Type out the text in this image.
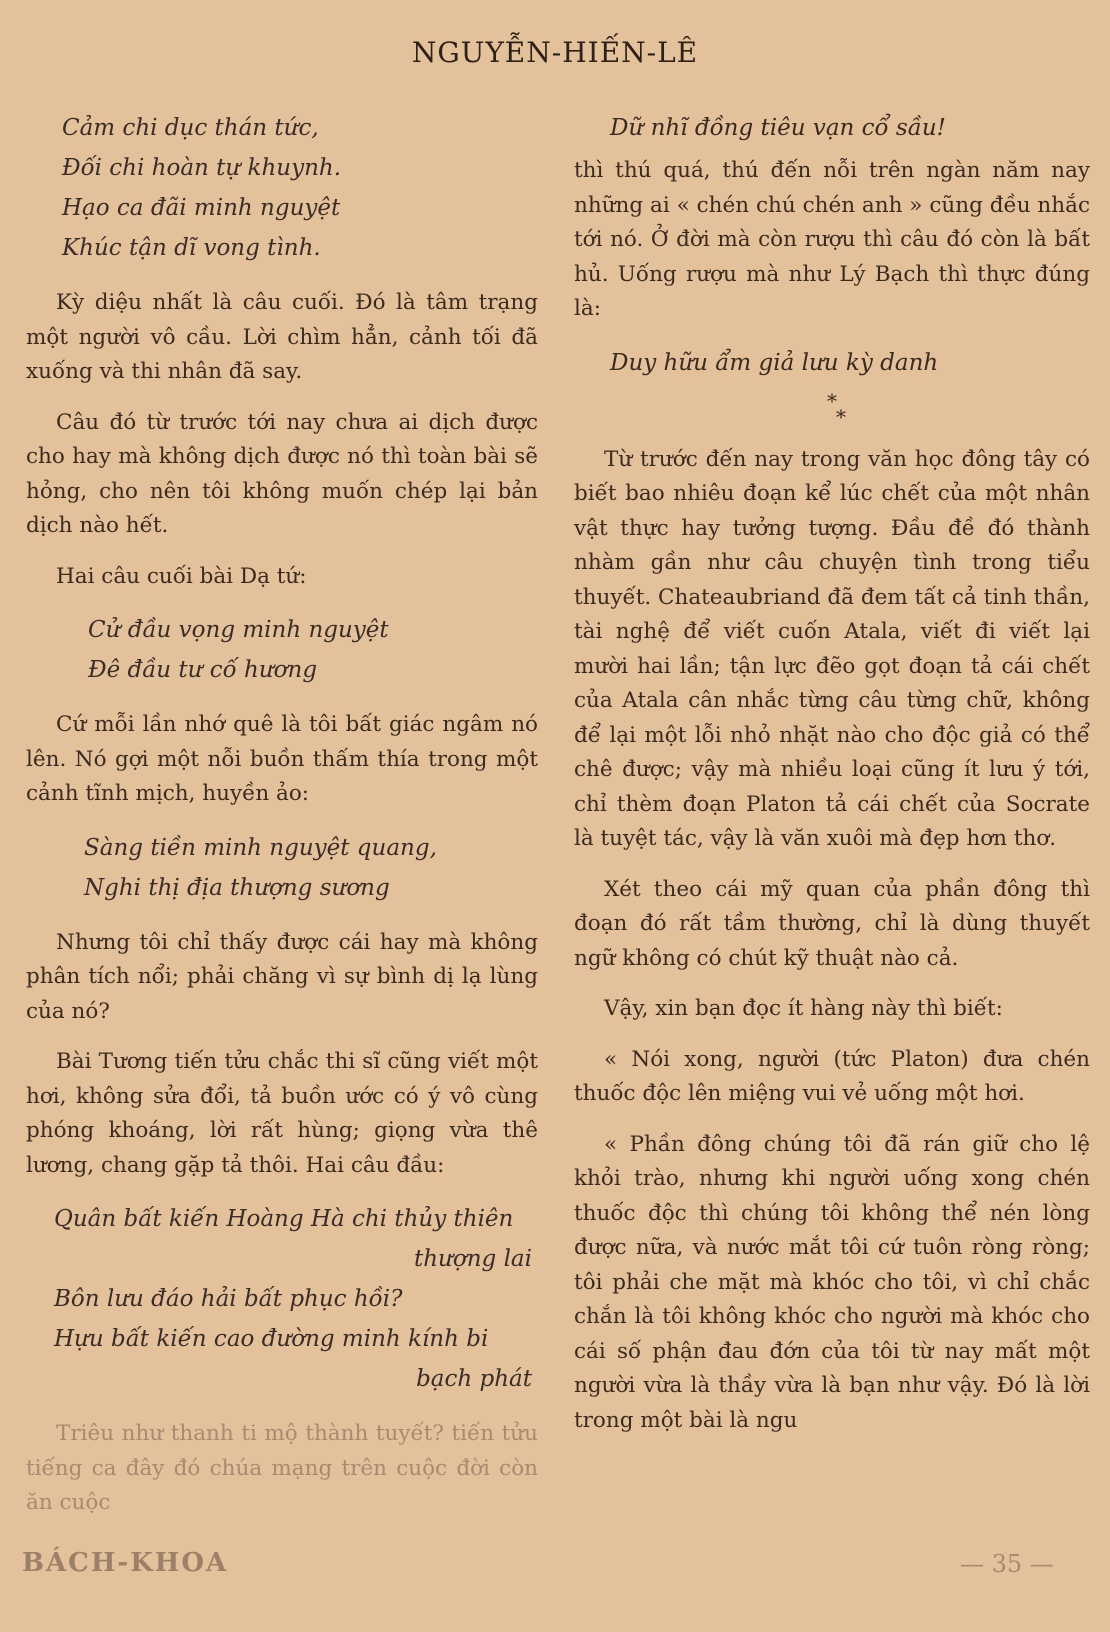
NGUYỄN-HIẾN-LÊ
Cảm chi dục thán tức,
Đối chi hoàn tự khuynh.
Hạo ca đãi minh nguyệt
Khúc tận dĩ vong tình.

Kỳ diệu nhất là câu cuối. Đó là tâm trạng một người vô cầu. Lời chìm hẳn, cảnh tối đã xuống và thi nhân đã say.

Câu đó từ trước tới nay chưa ai dịch được cho hay mà không dịch được nó thì toàn bài sẽ hỏng, cho nên tôi không muốn chép lại bản dịch nào hết.

Hai câu cuối bài Dạ tứ:

Cử đầu vọng minh nguyệt
Đê đầu tư cố hương

Cứ mỗi lần nhớ quê là tôi bất giác ngâm nó lên. Nó gợi một nỗi buồn thấm thía trong một cảnh tĩnh mịch, huyền ảo:

Sàng tiền minh nguyệt quang,
Nghi thị địa thượng sương

Nhưng tôi chỉ thấy được cái hay mà không phân tích nổi; phải chăng vì sự bình dị lạ lùng của nó?

Bài Tương tiến tửu chắc thi sĩ cũng viết một hơi, không sửa đổi, tả buồn ước có ý vô cùng phóng khoáng, lời rất hùng; giọng vừa thê lương, chang gặp tả thôi. Hai câu đầu:

Quân bất kiến Hoàng Hà chi thủy thiên
thượng lai
Bôn lưu đáo hải bất phục hồi?
Hựu bất kiến cao đường minh kính bi
bạch phát

Triêu như thanh ti mộ thành tuyết? tiến tửu tiếng ca đây đó chúa mạng trên cuộc đời còn ăn cuộc

Dữ nhĩ đồng tiêu vạn cổ sầu!

thì thú quá, thú đến nỗi trên ngàn năm nay những ai « chén chú chén anh » cũng đều nhắc tới nó. Ở đời mà còn rượu thì câu đó còn là bất hủ. Uống rượu mà như Lý Bạch thì thực đúng là:

Duy hữu ẩm giả lưu kỳ danh
*
*

Từ trước đến nay trong văn học đông tây có biết bao nhiêu đoạn kể lúc chết của một nhân vật thực hay tưởng tượng. Đầu đề đó thành nhàm gần như câu chuyện tình trong tiểu thuyết. Chateaubriand đã đem tất cả tinh thần, tài nghệ để viết cuốn Atala, viết đi viết lại mười hai lần; tận lực đẽo gọt đoạn tả cái chết của Atala cân nhắc từng câu từng chữ, không để lại một lỗi nhỏ nhặt nào cho độc giả có thể chê được; vậy mà nhiều loại cũng ít lưu ý tới, chỉ thèm đoạn Platon tả cái chết của Socrate là tuyệt tác, vậy là văn xuôi mà đẹp hơn thơ.

Xét theo cái mỹ quan của phần đông thì đoạn đó rất tầm thường, chỉ là dùng thuyết ngữ không có chút kỹ thuật nào cả.

Vậy, xin bạn đọc ít hàng này thì biết:

« Nói xong, người (tức Platon) đưa chén thuốc độc lên miệng vui vẻ uống một hơi.

« Phần đông chúng tôi đã rán giữ cho lệ khỏi trào, nhưng khi người uống xong chén thuốc độc thì chúng tôi không thể nén lòng được nữa, và nước mắt tôi cứ tuôn ròng ròng; tôi phải che mặt mà khóc cho tôi, vì chỉ chắc chắn là tôi không khóc cho người mà khóc cho cái số phận đau đớn của tôi từ nay mất một người vừa là thầy vừa là bạn như vậy. Đó là lời trong một bài là ngu

BÁCH-KHOA	— 35 —
